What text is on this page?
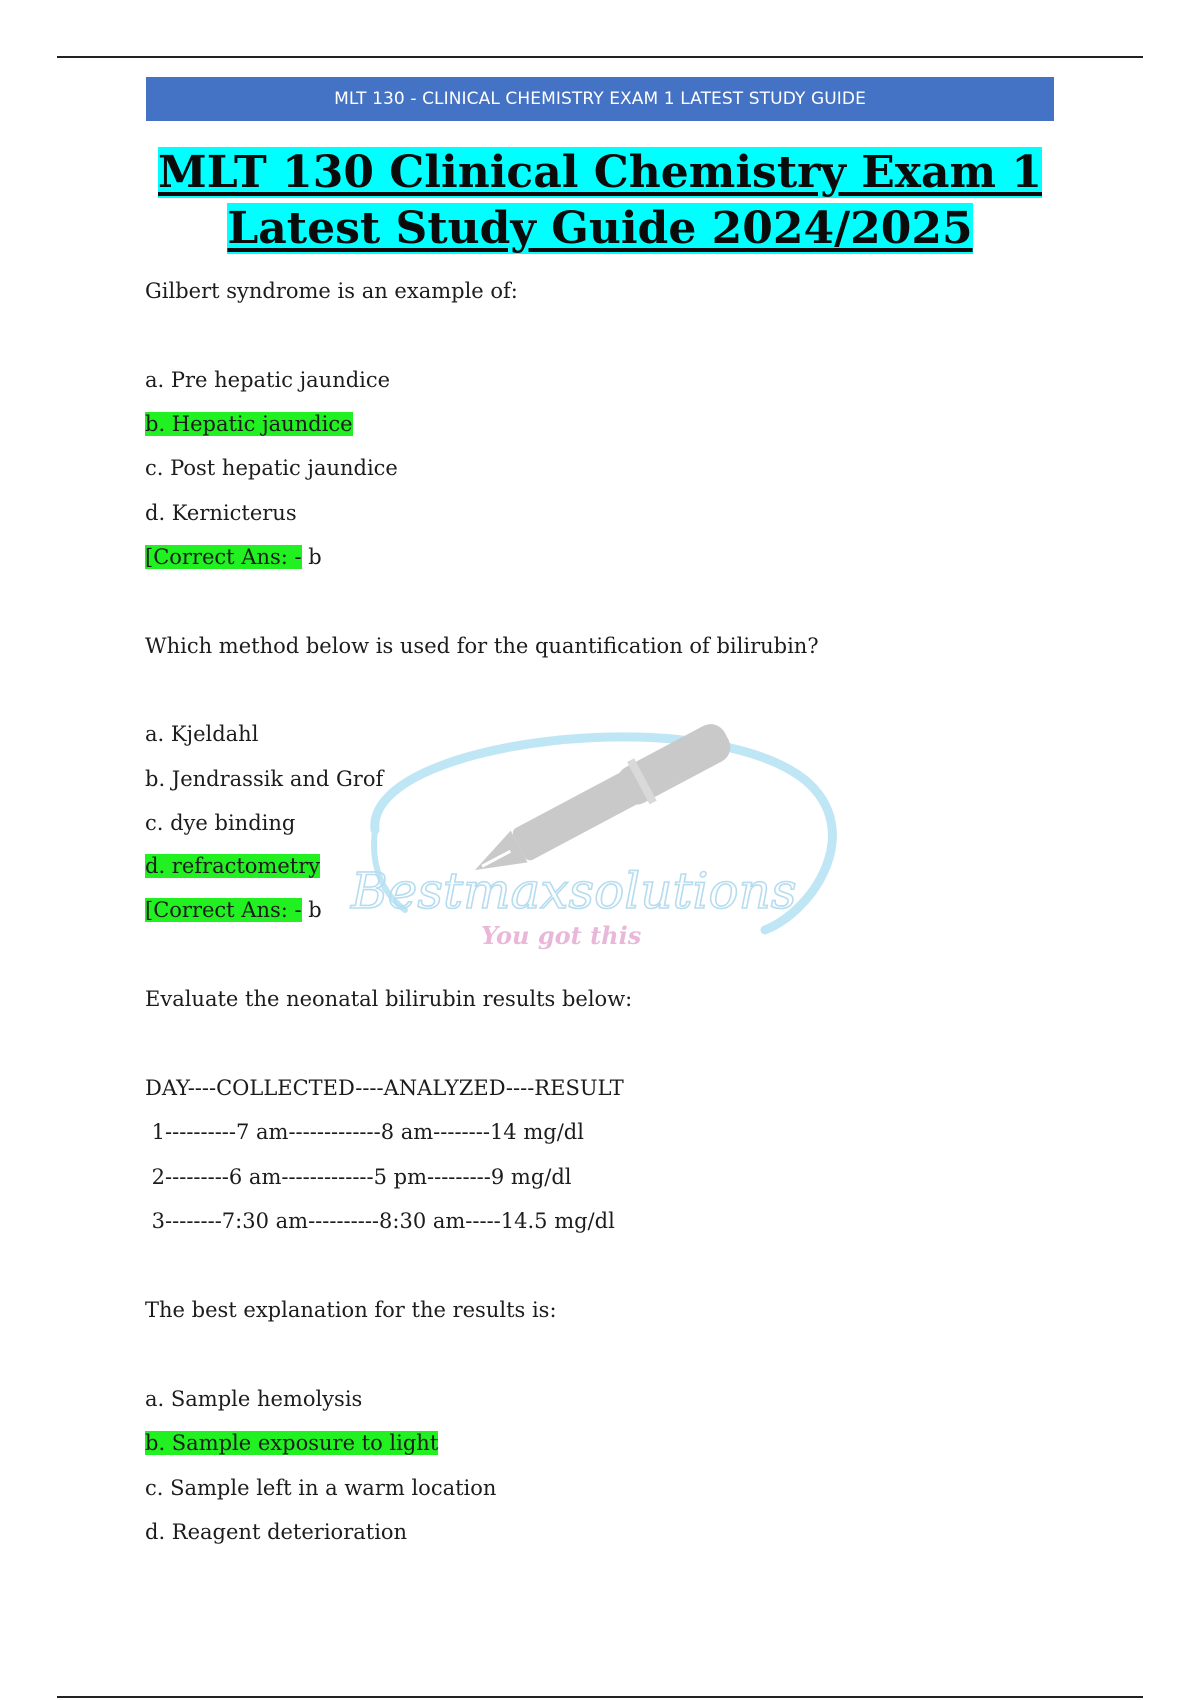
MLT 130 - CLINICAL CHEMISTRY EXAM 1 LATEST STUDY GUIDE
MLT 130 Clinical Chemistry Exam 1
Latest Study Guide 2024/2025
Bestmaxsolutions
You got this
Gilbert syndrome is an example of:
a. Pre hepatic jaundice
b. Hepatic jaundice
c. Post hepatic jaundice
d. Kernicterus
[Correct Ans: - b
Which method below is used for the quantification of bilirubin?
a. Kjeldahl
b. Jendrassik and Grof
c. dye binding
d. refractometry
[Correct Ans: - b
Evaluate the neonatal bilirubin results below:
DAY----COLLECTED----ANALYZED----RESULT
1----------7 am-------------8 am--------14 mg/dl
2---------6 am-------------5 pm---------9 mg/dl
3--------7:30 am----------8:30 am-----14.5 mg/dl
The best explanation for the results is:
a. Sample hemolysis
b. Sample exposure to light
c. Sample left in a warm location
d. Reagent deterioration
